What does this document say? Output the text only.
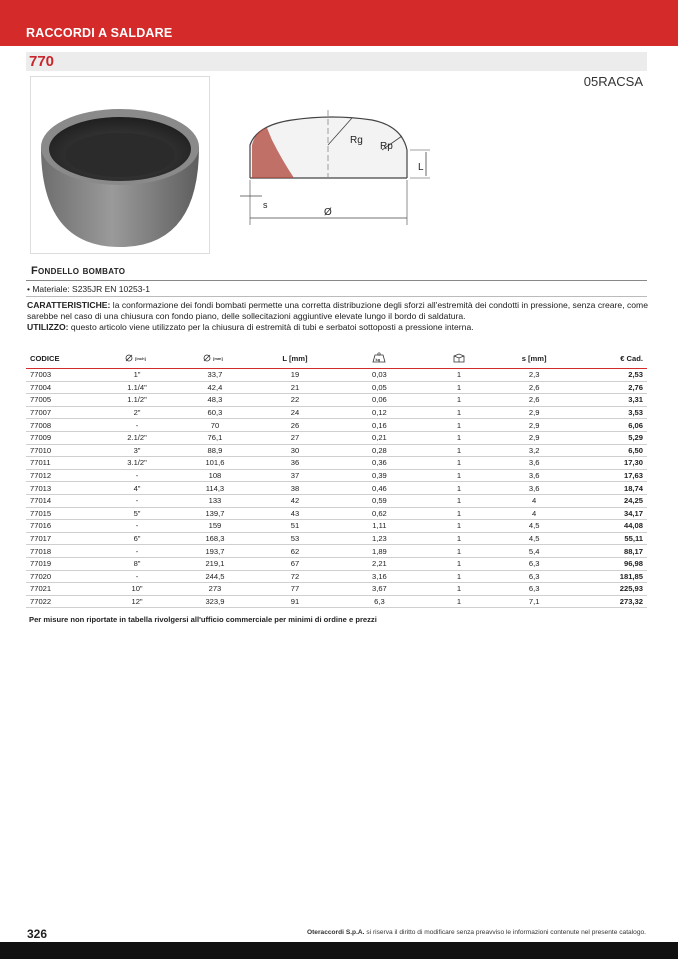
RACCORDI A SALDARE
770
05RACSA
Rg
Rp
L
s
Ø
Fondello bombato
• Materiale: S235JR EN 10253-1
CARATTERISTICHE: la conformazione dei fondi bombati permette una corretta distribuzione degli sforzi all'estremità dei condotti in pressione, senza creare, come sarebbe nel caso di una chiusura con fondo piano, delle sollecitazioni aggiuntive elevate lungo il bordo di saldatura.
UTILIZZO: questo articolo viene utilizzato per la chiusura di estremità di tubi e serbatoi sottoposti a pressione interna.
CODICE	[inch]	[mm]	L [mm]	kg		s [mm]	€ Cad.
77003	1"	33,7	19	0,03	1	2,3	2,53
77004	1.1/4"	42,4	21	0,05	1	2,6	2,76
77005	1.1/2"	48,3	22	0,06	1	2,6	3,31
77007	2"	60,3	24	0,12	1	2,9	3,53
77008	-	70	26	0,16	1	2,9	6,06
77009	2.1/2"	76,1	27	0,21	1	2,9	5,29
77010	3"	88,9	30	0,28	1	3,2	6,50
77011	3.1/2"	101,6	36	0,36	1	3,6	17,30
77012	-	108	37	0,39	1	3,6	17,63
77013	4"	114,3	38	0,46	1	3,6	18,74
77014	-	133	42	0,59	1	4	24,25
77015	5"	139,7	43	0,62	1	4	34,17
77016	-	159	51	1,11	1	4,5	44,08
77017	6"	168,3	53	1,23	1	4,5	55,11
77018	-	193,7	62	1,89	1	5,4	88,17
77019	8"	219,1	67	2,21	1	6,3	96,98
77020	-	244,5	72	3,16	1	6,3	181,85
77021	10"	273	77	3,67	1	6,3	225,93
77022	12"	323,9	91	6,3	1	7,1	273,32
Per misure non riportate in tabella rivolgersi all'ufficio commerciale per minimi di ordine e prezzi
326	Oteraccordi S.p.A. si riserva il diritto di modificare senza preavviso le informazioni contenute nel presente catalogo.
